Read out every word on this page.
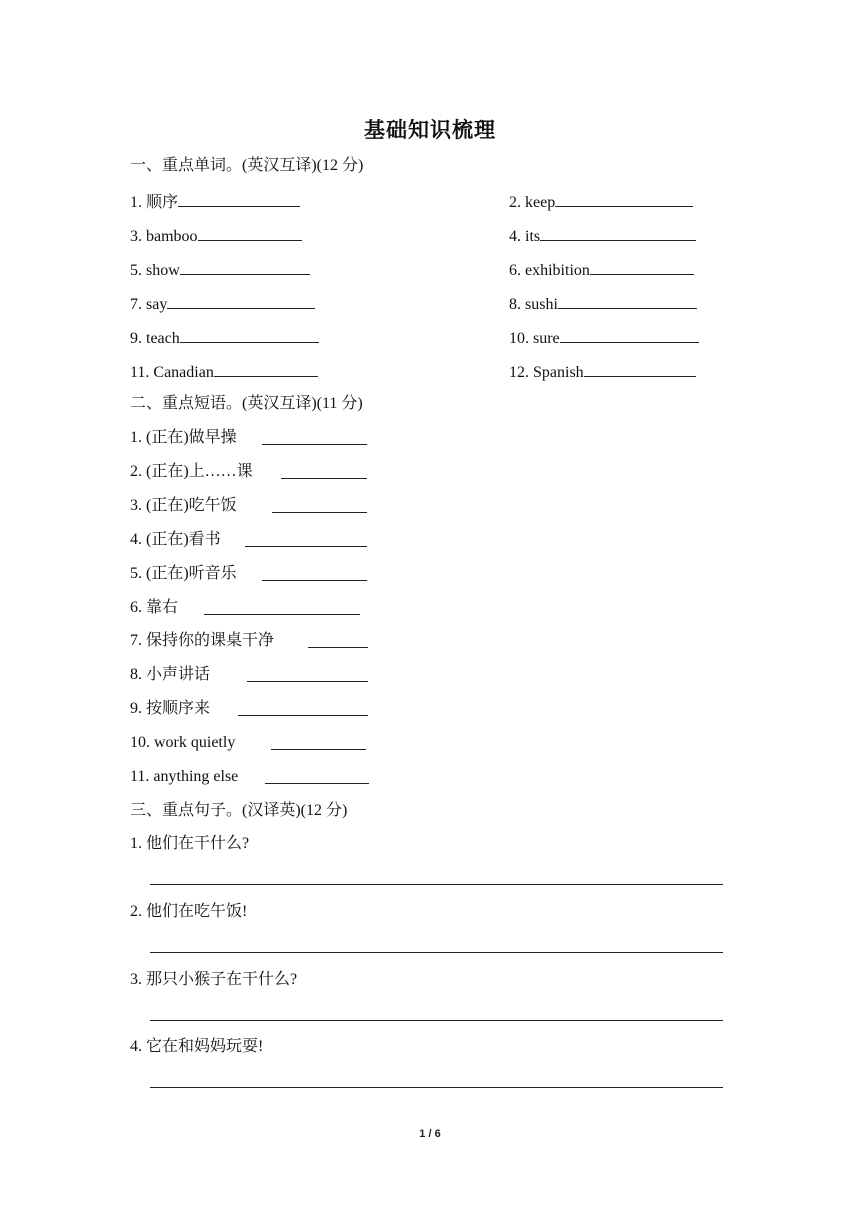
基础知识梳理
一、重点单词。(英汉互译)(12 分)
1. 顺序	2. keep
3. bamboo	4. its
5. show	6. exhibition
7. say	8. sushi
9. teach	10. sure
11. Canadian	12. Spanish
二、重点短语。(英汉互译)(11 分)
1. (正在)做早操
2. (正在)上……课
3. (正在)吃午饭
4. (正在)看书
5. (正在)听音乐
6. 靠右
7. 保持你的课桌干净
8. 小声讲话
9. 按顺序来
10. work quietly
11. anything else
三、重点句子。(汉译英)(12 分)
1. 他们在干什么?
2. 他们在吃午饭!
3. 那只小猴子在干什么?
4. 它在和妈妈玩耍!
1 / 6
